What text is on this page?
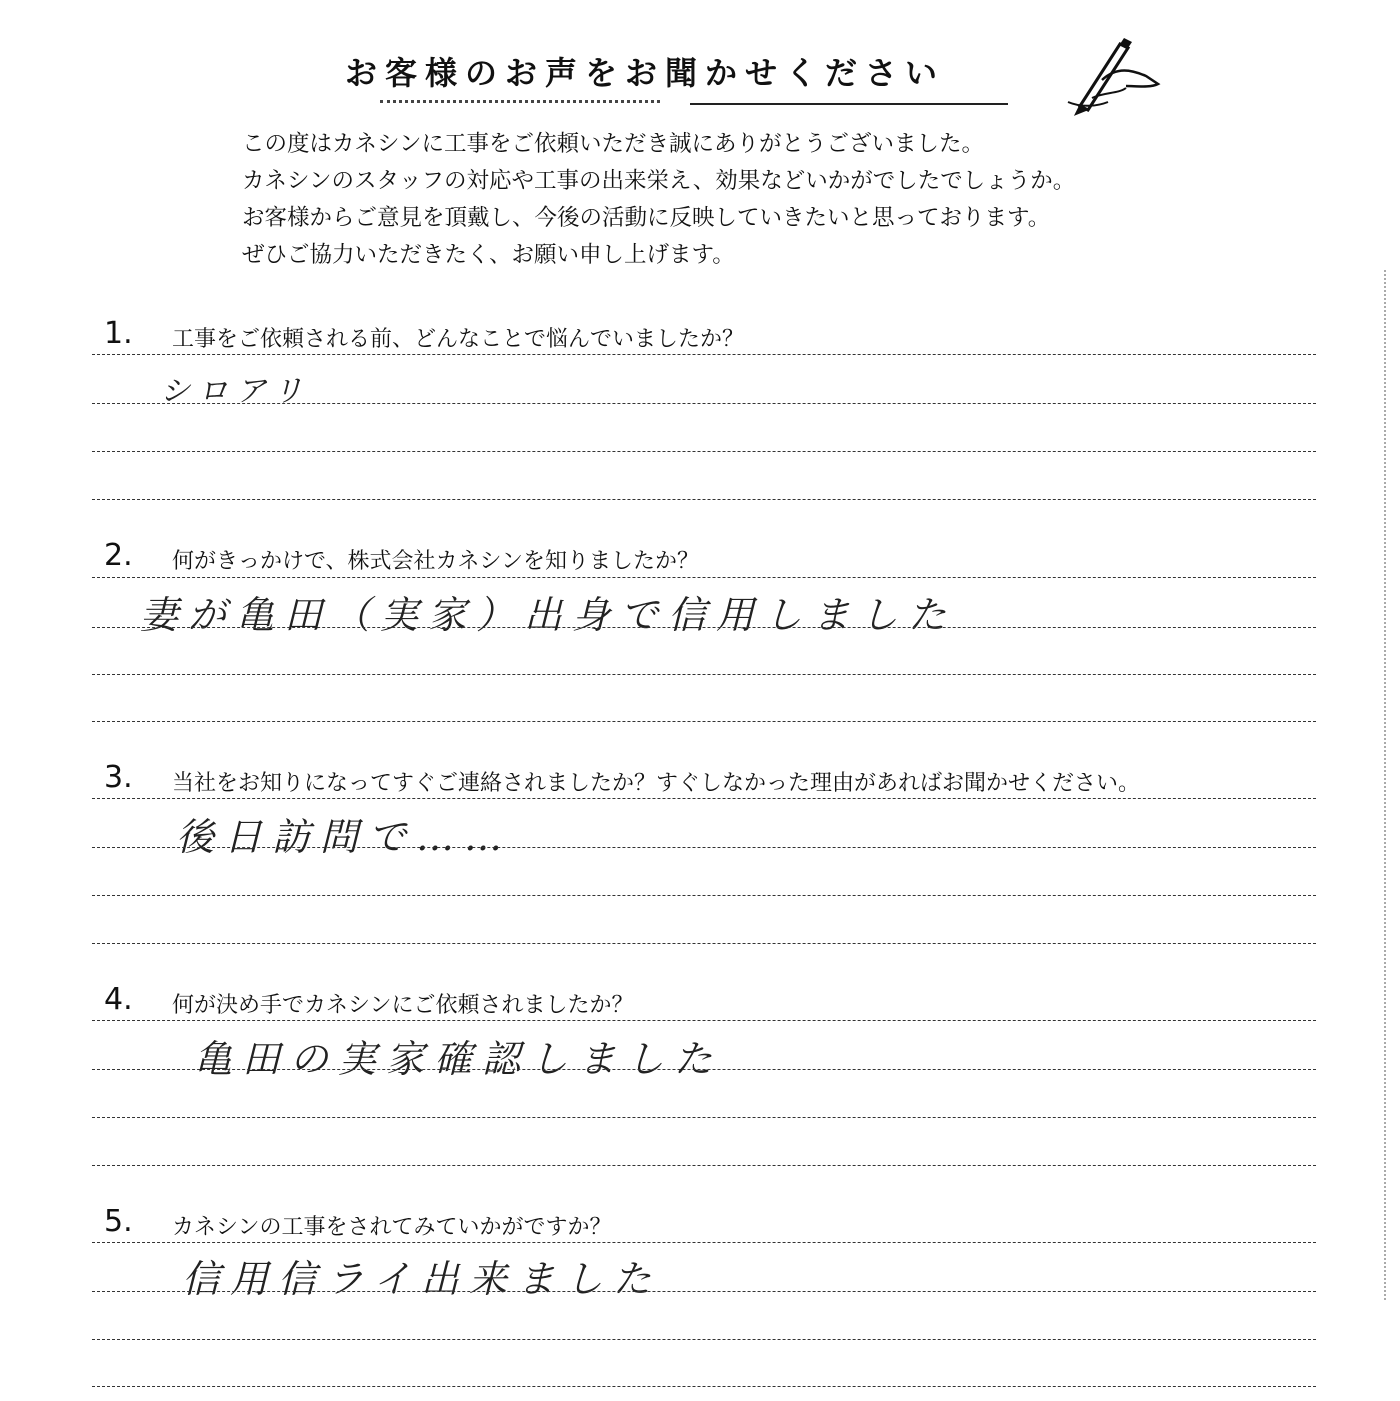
お客様のお声をお聞かせください

この度はカネシンに工事をご依頼いただき誠にありがとうございました。

カネシンのスタッフの対応や工事の出来栄え、効果などいかがでしたでしょうか。

お客様からご意見を頂戴し、今後の活動に反映していきたいと思っております。

ぜひご協力いただきたく、お願い申し上げます。

1. 工事をご依頼される前、どんなことで悩んでいましたか？
シロアリ
2. 何がきっかけで、株式会社カネシンを知りましたか？
妻が亀田（実家）出身で信用しました
3. 当社をお知りになってすぐご連絡されましたか？すぐしなかった理由があればお聞かせください。
後日訪問で……
4. 何が決め手でカネシンにご依頼されましたか？
亀田の実家確認しました
5. カネシンの工事をされてみていかがですか？
信用信ライ出来ました
